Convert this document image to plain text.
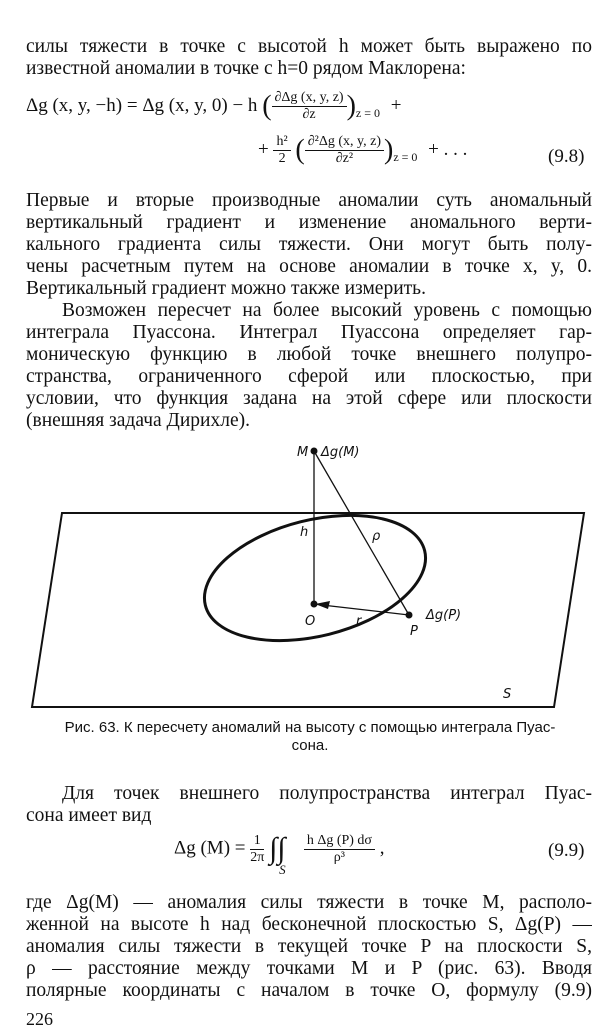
силы тяжести в точке с высотой h может быть выражено по
известной аномалии в точке с h=0 рядом Маклорена:
Δg (x, y, −h) = Δg (x, y, 0) − h ( $\frac{\partial\Delta g (x, y, z)}{\partial z} )_{z = 0}$ +
+ $\frac{\text{h²}}{2}$ ( $\frac{\text{∂²Δg (x, y, z)}}{\text{∂z²}} )_{z = 0}$ + . . .	(9.8)
Первые и вторые производные аномалии суть аномальный
вертикальный градиент и изменение аномального верти-
кального градиента силы тяжести. Они могут быть полу-
чены расчетным путем на основе аномалии в точке x, y, 0.
Вертикальный градиент можно также измерить.
Возможен пересчет на более высокий уровень с помощью
интеграла Пуассона. Интеграл Пуассона определяет гар-
моническую функцию в любой точке внешнего полупро-
странства, ограниченного сферой или плоскостью, при
условии, что функция задана на этой сфере или плоскости
(внешняя задача Дирихле).
M Δg(M)
h	ρ
O	r
P
Δg(P)
S
Рис. 63. К пересчету аномалий на высоту с помощью интеграла Пуас-
сона.
Для точек внешнего полупространства интеграл Пуас-
сона имеет вид
Δg $(M) = \frac{1}{2\pi}$ ∫∫
S

$\frac{\text{h Δg (P) dσ}}{\text{ρ³}}$ ,	(9.9)
где Δg(M) — аномалия силы тяжести в точке M, располо-
женной на высоте h над бесконечной плоскостью S, Δg(P) —
аномалия силы тяжести в текущей точке P на плоскости S,
ρ — расстояние между точками M и P (рис. 63). Вводя
полярные координаты с началом в точке O, формулу (9.9)
226
